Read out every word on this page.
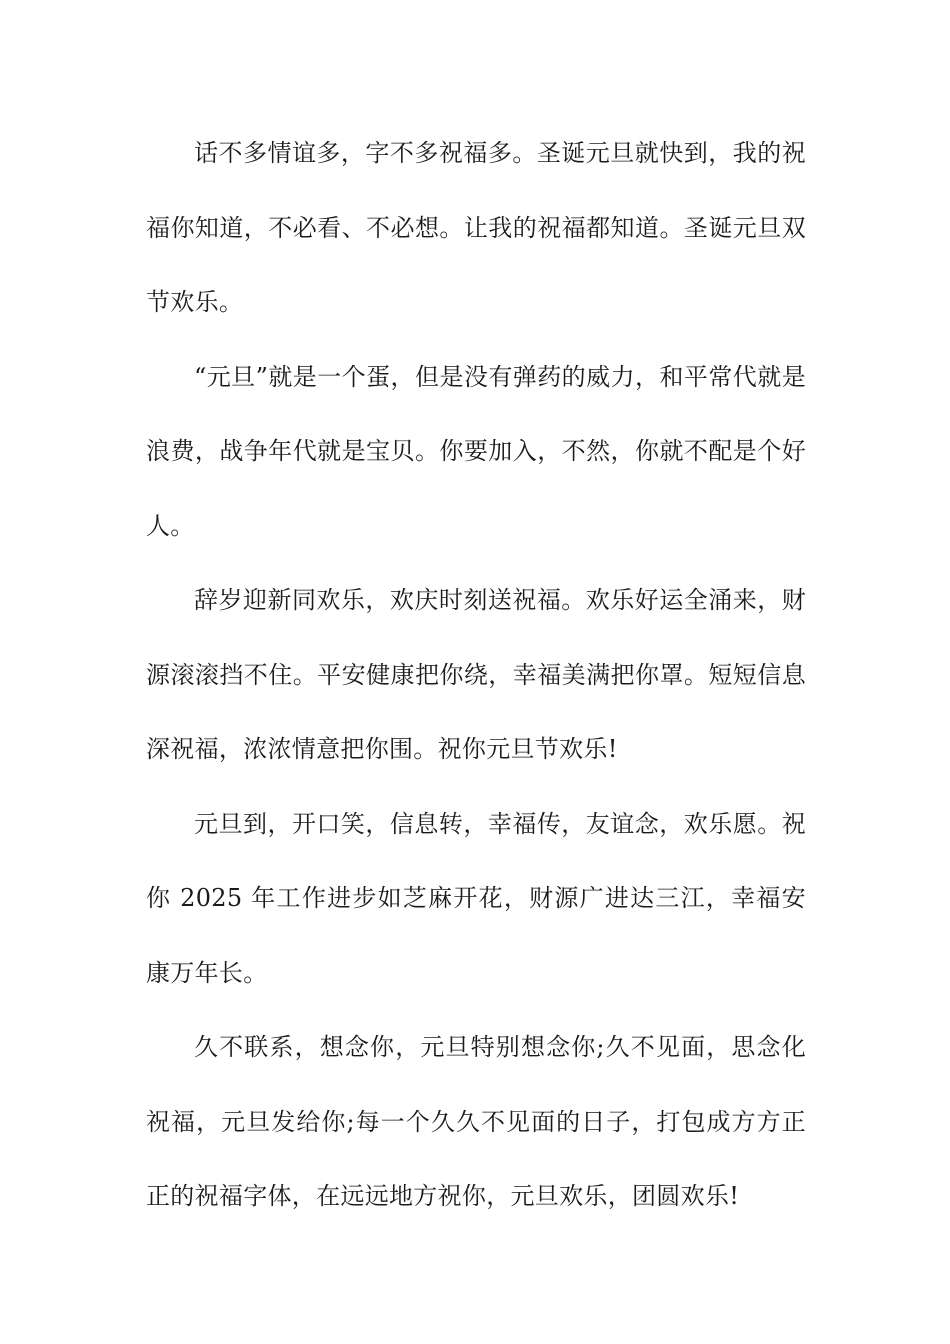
话不多情谊多，字不多祝福多。圣诞元旦就快到，我的祝福你知道，不必看、不必想。让我的祝福都知道。圣诞元旦双节欢乐。

“元旦”就是一个蛋，但是没有弹药的威力，和平常代就是浪费，战争年代就是宝贝。你要加入，不然，你就不配是个好人。

辞岁迎新同欢乐，欢庆时刻送祝福。欢乐好运全涌来，财源滚滚挡不住。平安健康把你绕，幸福美满把你罩。短短信息深祝福，浓浓情意把你围。祝你元旦节欢乐!

元旦到，开口笑，信息转，幸福传，友谊念，欢乐愿。祝你 2025 年工作进步如芝麻开花，财源广进达三江，幸福安康万年长。

久不联系，想念你，元旦特别想念你;久不见面，思念化祝福，元旦发给你;每一个久久不见面的日子，打包成方方正正的祝福字体，在远远地方祝你，元旦欢乐，团圆欢乐!
